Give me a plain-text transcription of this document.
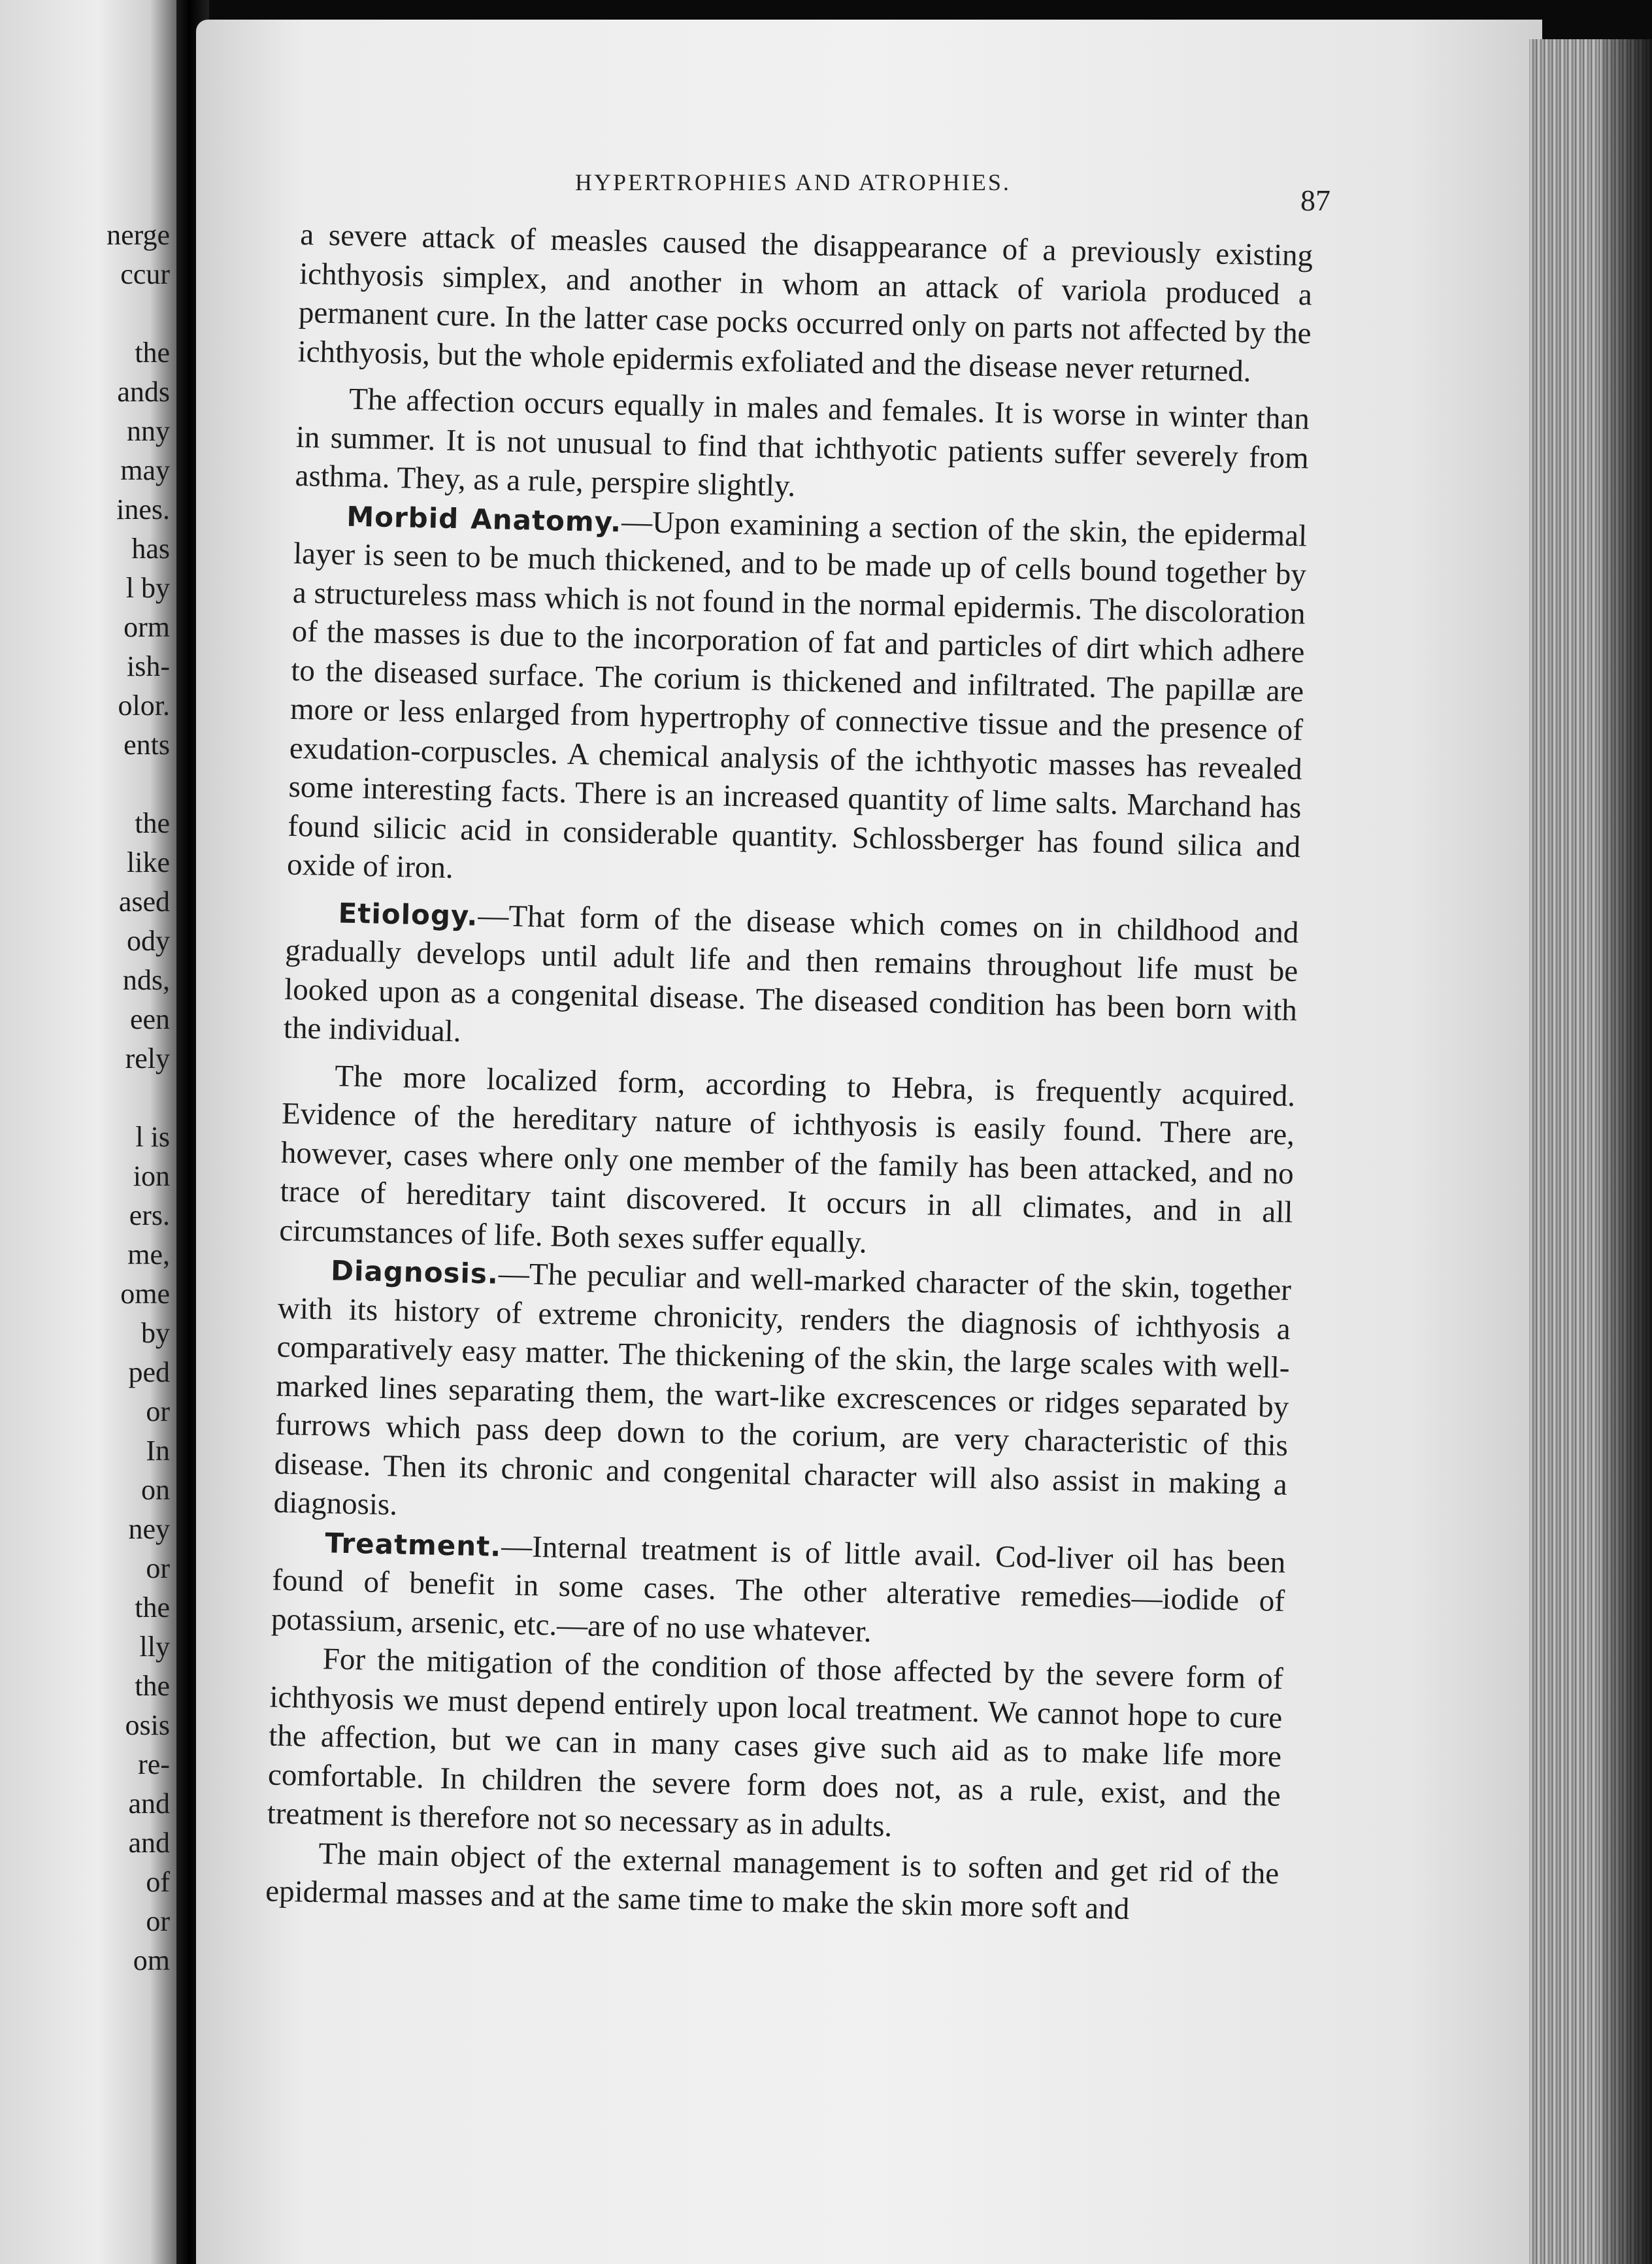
nerge
ccur
the
ands
nny
may
ines.
has
l by
orm
ish-
olor.
ents
the
like
ased
ody
nds,
een
rely
l is
ion
ers.
me,
ome
by
ped
or
In
on
ney
or
the
lly
the
osis
re-
and
and
of
or
om
HYPERTROPHIES AND ATROPHIES.
87

a severe attack of measles caused the disappearance of a previously existing ichthyosis simplex, and another in whom an attack of variola produced a permanent cure. In the latter case pocks occurred only on parts not affected by the ichthyosis, but the whole epidermis exfoliated and the disease never returned.

The affection occurs equally in males and females. It is worse in winter than in summer. It is not unusual to find that ichthyotic patients suffer severely from asthma. They, as a rule, perspire slightly.

Morbid Anatomy.—Upon examining a section of the skin, the epidermal layer is seen to be much thickened, and to be made up of cells bound together by a structureless mass which is not found in the normal epidermis. The discoloration of the masses is due to the incorporation of fat and particles of dirt which adhere to the diseased surface. The corium is thickened and infiltrated. The papillæ are more or less enlarged from hypertrophy of connective tissue and the presence of exudation-corpuscles. A chemical analysis of the ichthyotic masses has revealed some interesting facts. There is an increased quantity of lime salts. Marchand has found silicic acid in considerable quantity. Schlossberger has found silica and oxide of iron.

Etiology.—That form of the disease which comes on in childhood and gradually develops until adult life and then remains throughout life must be looked upon as a congenital disease. The diseased condition has been born with the individual.

The more localized form, according to Hebra, is frequently acquired. Evidence of the hereditary nature of ichthyosis is easily found. There are, however, cases where only one member of the family has been attacked, and no trace of hereditary taint discovered. It occurs in all climates, and in all circumstances of life. Both sexes suffer equally.

Diagnosis.—The peculiar and well-marked character of the skin, together with its history of extreme chronicity, renders the diagnosis of ichthyosis a comparatively easy matter. The thickening of the skin, the large scales with well-marked lines separating them, the wart-like excrescences or ridges separated by furrows which pass deep down to the corium, are very characteristic of this disease. Then its chronic and congenital character will also assist in making a diagnosis.

Treatment.—Internal treatment is of little avail. Cod-liver oil has been found of benefit in some cases. The other alterative remedies—iodide of potassium, arsenic, etc.—are of no use whatever.

For the mitigation of the condition of those affected by the severe form of ichthyosis we must depend entirely upon local treatment. We cannot hope to cure the affection, but we can in many cases give such aid as to make life more comfortable. In children the severe form does not, as a rule, exist, and the treatment is therefore not so necessary as in adults.

The main object of the external management is to soften and get rid of the epidermal masses and at the same time to make the skin more soft and
